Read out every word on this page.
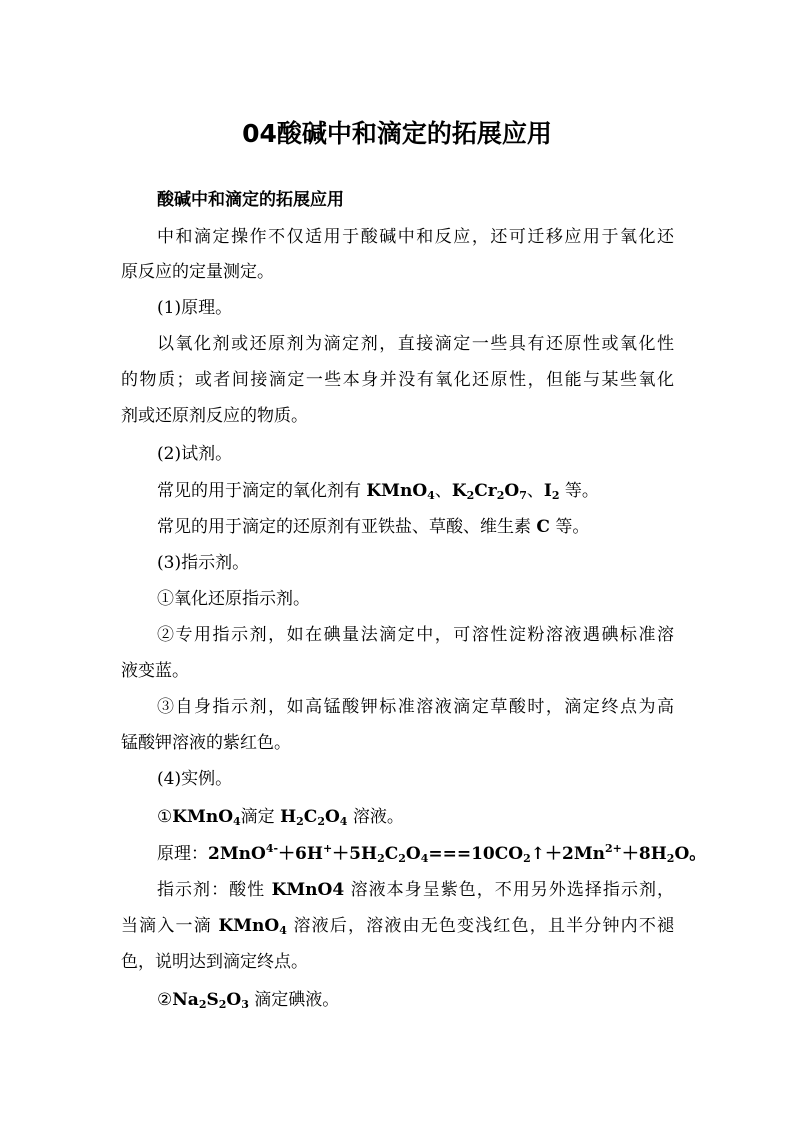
04酸碱中和滴定的拓展应用
酸碱中和滴定的拓展应用
中和滴定操作不仅适用于酸碱中和反应，还可迁移应用于氧化还
原反应的定量测定。
(1)原理。
以氧化剂或还原剂为滴定剂，直接滴定一些具有还原性或氧化性
的物质；或者间接滴定一些本身并没有氧化还原性，但能与某些氧化
剂或还原剂反应的物质。
(2)试剂。
常见的用于滴定的氧化剂有 KMnO$_4$、$K_2Cr_2O_7$、$I_2$ 等。
常见的用于滴定的还原剂有亚铁盐、草酸、维生素 C 等。
(3)指示剂。
①氧化还原指示剂。
②专用指示剂，如在碘量法滴定中，可溶性淀粉溶液遇碘标准溶
液变蓝。
③自身指示剂，如高锰酸钾标准溶液滴定草酸时，滴定终点为高
锰酸钾溶液的紫红色。
(4)实例。
①KMnO$_4$滴定 $H_2C_2O_4$ 溶液。
原理：$2MnO^{4-}+6H^++5H_2C_2O_4===10CO_2↑+2Mn^{2+}+8H_2O$。
指示剂：酸性 KMnO4 溶液本身呈紫色，不用另外选择指示剂，
当滴入一滴 KMnO$_4$ 溶液后，溶液由无色变浅红色，且半分钟内不褪
色，说明达到滴定终点。
$②Na_2S_2O_3$ 滴定碘液。
